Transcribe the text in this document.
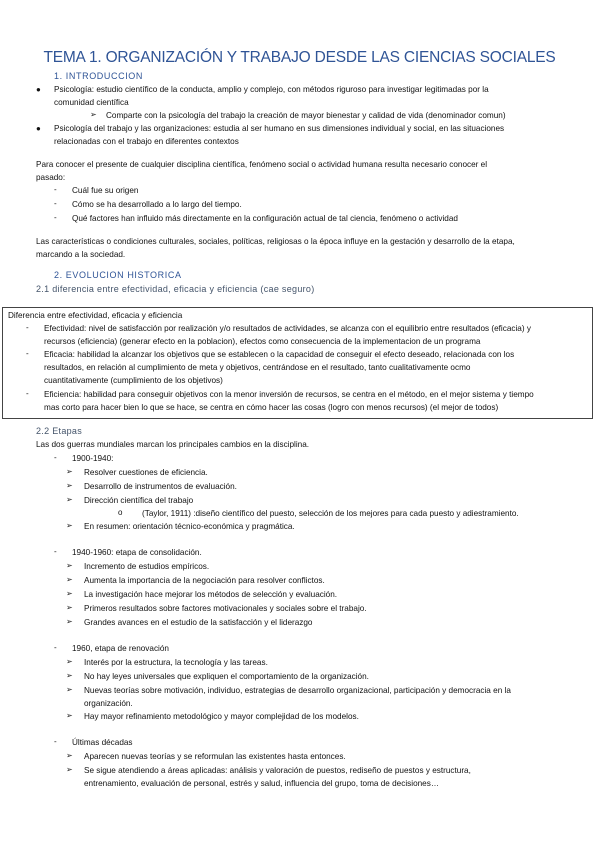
TEMA 1. ORGANIZACIÓN Y TRABAJO DESDE LAS CIENCIAS SOCIALES
1. INTRODUCCION
● Psicología: estudio científico de la conducta, amplio y complejo, con métodos riguroso para investigar legitimadas por la
comunidad científica
➢ Comparte con la psicología del trabajo la creación de mayor bienestar y calidad de vida (denominador comun)
● Psicología del trabajo y las organizaciones: estudia al ser humano en sus dimensiones individual y social, en las situaciones
relacionadas con el trabajo en diferentes contextos
Para conocer el presente de cualquier disciplina científica, fenómeno social o actividad humana resulta necesario conocer el
pasado:
- Cuál fue su origen
- Cómo se ha desarrollado a lo largo del tiempo.
- Qué factores han influido más directamente en la configuración actual de tal ciencia, fenómeno o actividad
Las características o condiciones culturales, sociales, políticas, religiosas o la época influye en la gestación y desarrollo de la etapa,
marcando a la sociedad.
2. EVOLUCION HISTORICA
2.1 diferencia entre efectividad, eficacia y eficiencia (cae seguro)
Diferencia entre efectividad, eficacia y eficiencia
- Efectividad: nivel de satisfacción por realización y/o resultados de actividades, se alcanza con el equilibrio entre resultados (eficacia) y
recursos (eficiencia) (generar efecto en la poblacion), efectos como consecuencia de la implementacion de un programa
- Eficacia: habilidad la alcanzar los objetivos que se establecen o la capacidad de conseguir el efecto deseado, relacionada con los
resultados, en relación al cumplimiento de meta y objetivos, centrándose en el resultado, tanto cualitativamente ocmo
cuantitativamente (cumplimiento de los objetivos)
- Eficiencia: habilidad para conseguir objetivos con la menor inversión de recursos, se centra en el método, en el mejor sistema y tiempo
mas corto para hacer bien lo que se hace, se centra en cómo hacer las cosas (logro con menos recursos) (el mejor de todos)
2.2 Etapas
Las dos guerras mundiales marcan los principales cambios en la disciplina.
- 1900-1940:
➢ Resolver cuestiones de eficiencia.
➢ Desarrollo de instrumentos de evaluación.
➢ Dirección científica del trabajo
o (Taylor, 1911) :diseño científico del puesto, selección de los mejores para cada puesto y adiestramiento.
➢ En resumen: orientación técnico-económica y pragmática.
- 1940-1960: etapa de consolidación.
➢ Incremento de estudios empíricos.
➢ Aumenta la importancia de la negociación para resolver conflictos.
➢ La investigación hace mejorar los métodos de selección y evaluación.
➢ Primeros resultados sobre factores motivacionales y sociales sobre el trabajo.
➢ Grandes avances en el estudio de la satisfacción y el liderazgo
- 1960, etapa de renovación
➢ Interés por la estructura, la tecnología y las tareas.
➢ No hay leyes universales que expliquen el comportamiento de la organización.
➢ Nuevas teorías sobre motivación, individuo, estrategias de desarrollo organizacional, participación y democracia en la
organización.
➢ Hay mayor refinamiento metodológico y mayor complejidad de los modelos.
- Últimas décadas
➢ Aparecen nuevas teorías y se reformulan las existentes hasta entonces.
➢ Se sigue atendiendo a áreas aplicadas: análisis y valoración de puestos, rediseño de puestos y estructura,
entrenamiento, evaluación de personal, estrés y salud, influencia del grupo, toma de decisiones…
